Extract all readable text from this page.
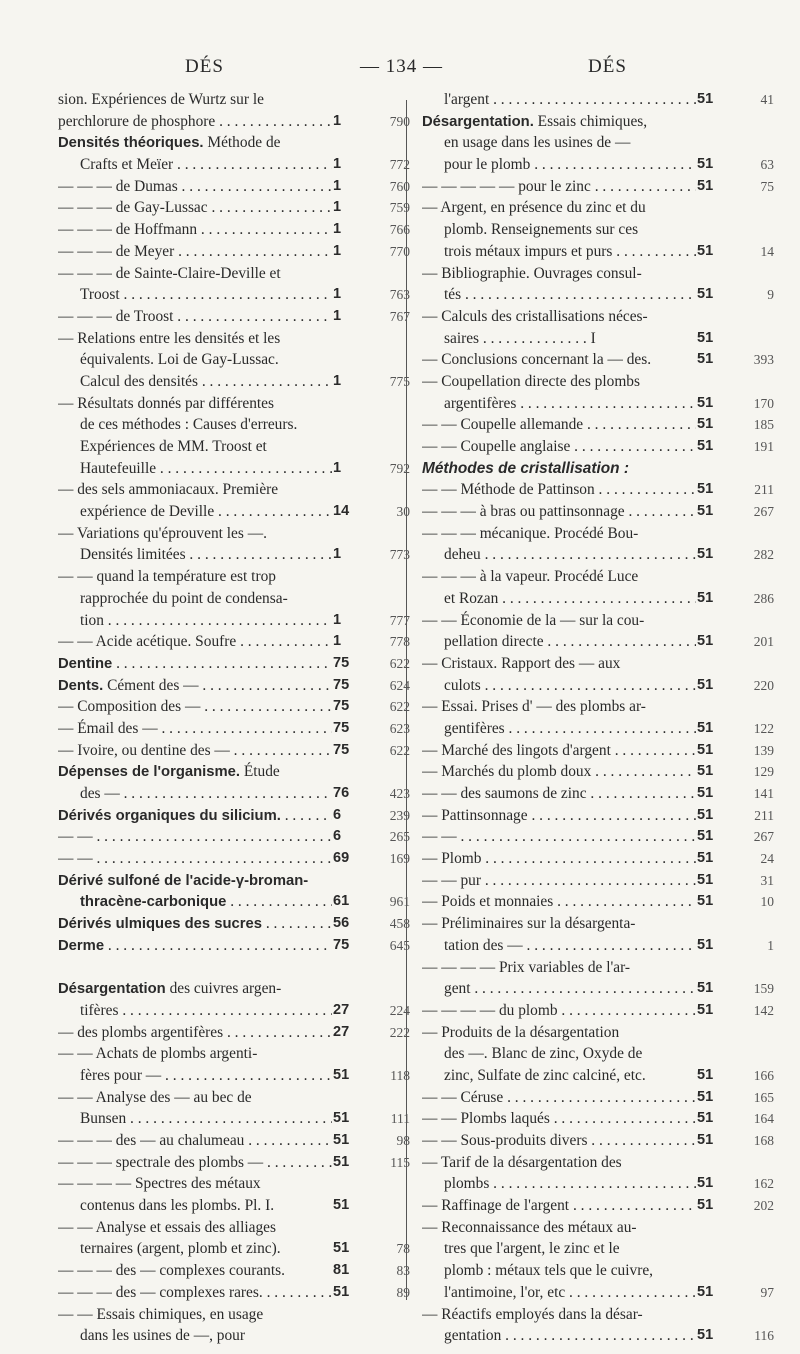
DÉS	— 134 —	DÉS
sion. Expériences de Wurtz sur le
perchlorure de phosphore . . .	1	790
Densités théoriques. Méthode de
Crafts et Meïer . . .	1	772
— — — de Dumas . . .	1	760
— — — de Gay-Lussac . . .	1	759
— — — de Hoffmann . . .	1	766
— — — de Meyer . . .	1	770
— — — de Sainte-Claire-Deville et
Troost . . .	1	763
— — — de Troost . . .	1	767
— Relations entre les densités et les
équivalents. Loi de Gay-Lussac.
Calcul des densités . . .	1	775
— Résultats donnés par différentes
de ces méthodes : Causes d'erreurs.
Expériences de MM. Troost et
Hautefeuille . . .	1	792
— des sels ammoniacaux. Première
expérience de Deville . . .	14	30
— Variations qu'éprouvent les —.
Densités limitées . . .	1	773
— — quand la température est trop
rapprochée du point de condensa-
tion . . .	1	777
— — Acide acétique. Soufre . . .	1	778
Dentine . . .	75	622
Dents. Cément des — . . .	75	624
— Composition des — . . .	75	622
— Émail des — . . .	75	623
— Ivoire, ou dentine des — . . .	75	622
Dépenses de l'organisme. Étude
des — . . .	76	423
Dérivés organiques du silicium. . . .	6	239
— — . . .	6	265
— — . . .	69	169
Dérivé sulfoné de l'acide-γ-broman-
thracène-carbonique . . .	61	961
Dérivés ulmiques des sucres . . .	56	458
Derme . . .	75	645
Désargentation des cuivres argen-
tifères . . .	27	224
— des plombs argentifères . . .	27	222
— — Achats de plombs argenti-
fères pour — . . .	51	118
— — Analyse des — au bec de
Bunsen . . .	51	111
— — — des — au chalumeau . . .	51	98
— — — spectrale des plombs — . . .	51	115
— — — — Spectres des métaux
contenus dans les plombs. Pl. I.	51
— — Analyse et essais des alliages
ternaires (argent, plomb et zinc).	51	78
— — — des — complexes courants.	81	83
— — — des — complexes rares. . . .	51	89
— — Essais chimiques, en usage
dans les usines de —, pour
l'argent . . .	51	41
Désargentation. Essais chimiques,
en usage dans les usines de —
pour le plomb . . .	51	63
— — — — — pour le zinc . . .	51	75
— Argent, en présence du zinc et du
plomb. Renseignements sur ces
trois métaux impurs et purs . . .	51	14
— Bibliographie. Ouvrages consul-
tés . . .	51	9
— Calculs des cristallisations néces-
saires . . . . . . . . . . . . . . I	51
— Conclusions concernant la — des.	51	393
— Coupellation directe des plombs
argentifères . . .	51	170
— — Coupelle allemande . . .	51	185
— — Coupelle anglaise . . .	51	191
Méthodes de cristallisation :
— — Méthode de Pattinson . . .	51	211
— — — à bras ou pattinsonnage . . .	51	267
— — — mécanique. Procédé Bou-
deheu . . .	51	282
— — — à la vapeur. Procédé Luce
et Rozan . . .	51	286
— — Économie de la — sur la cou-
pellation directe . . .	51	201
— Cristaux. Rapport des — aux
culots . . .	51	220
— Essai. Prises d' — des plombs ar-
gentifères . . .	51	122
— Marché des lingots d'argent . . .	51	139
— Marchés du plomb doux . . .	51	129
— — des saumons de zinc . . .	51	141
— Pattinsonnage . . .	51	211
— — . . .	51	267
— Plomb . . .	51	24
— — pur . . .	51	31
— Poids et monnaies . . .	51	10
— Préliminaires sur la désargenta-
tation des — . . .	51	1
— — — — Prix variables de l'ar-
gent . . .	51	159
— — — — du plomb . . .	51	142
— Produits de la désargentation
des —. Blanc de zinc, Oxyde de
zinc, Sulfate de zinc calciné, etc.	51	166
— — Céruse . . .	51	165
— — Plombs laqués . . .	51	164
— — Sous-produits divers . . .	51	168
— Tarif de la désargentation des
plombs . . .	51	162
— Raffinage de l'argent . . .	51	202
— Reconnaissance des métaux au-
tres que l'argent, le zinc et le
plomb : métaux tels que le cuivre,
l'antimoine, l'or, etc . . .	51	97
— Réactifs employés dans la désar-
gentation . . .	51	116
